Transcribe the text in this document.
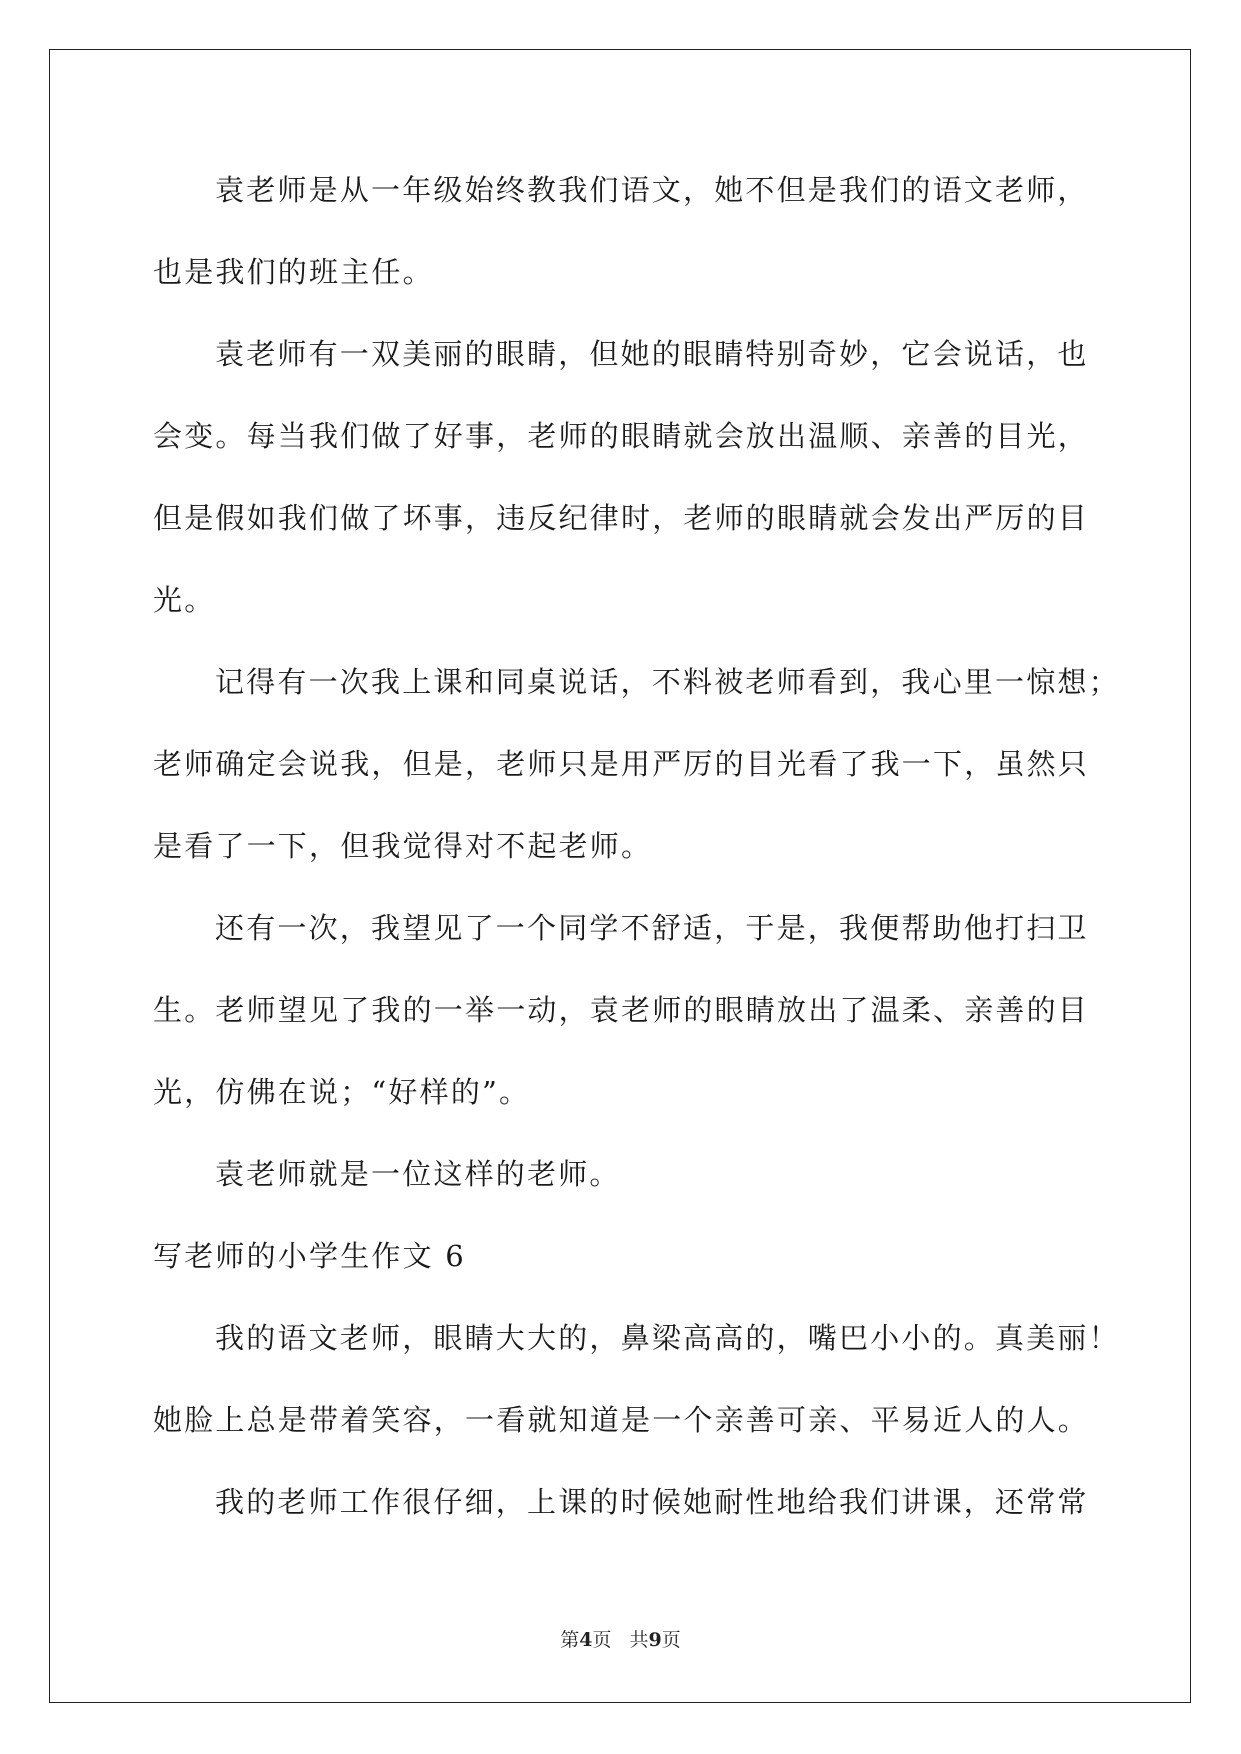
袁老师是从一年级始终教我们语文，她不但是我们的语文老师，
也是我们的班主任。
袁老师有一双美丽的眼睛，但她的眼睛特别奇妙，它会说话，也
会变。每当我们做了好事，老师的眼睛就会放出温顺、亲善的目光，
但是假如我们做了坏事，违反纪律时，老师的眼睛就会发出严厉的目
光。
记得有一次我上课和同桌说话，不料被老师看到，我心里一惊想；
老师确定会说我，但是，老师只是用严厉的目光看了我一下，虽然只
是看了一下，但我觉得对不起老师。
还有一次，我望见了一个同学不舒适，于是，我便帮助他打扫卫
生。老师望见了我的一举一动，袁老师的眼睛放出了温柔、亲善的目
光，仿佛在说；“好样的”。
袁老师就是一位这样的老师。
写老师的小学生作文 6
我的语文老师，眼睛大大的，鼻梁高高的，嘴巴小小的。真美丽！
她脸上总是带着笑容，一看就知道是一个亲善可亲、平易近人的人。
我的老师工作很仔细，上课的时候她耐性地给我们讲课，还常常
第4页 共9页
